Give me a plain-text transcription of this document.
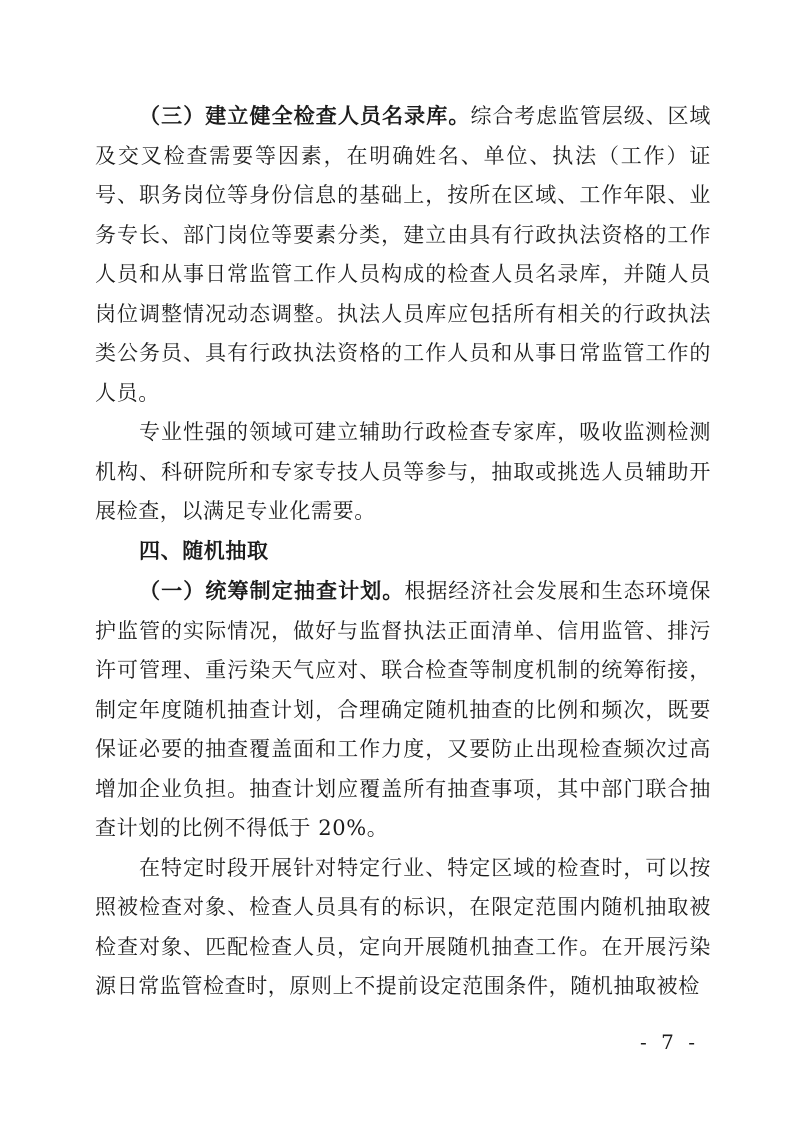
（三）建立健全检查人员名录库。综合考虑监管层级、区域及交叉检查需要等因素，在明确姓名、单位、执法（工作）证号、职务岗位等身份信息的基础上，按所在区域、工作年限、业务专长、部门岗位等要素分类，建立由具有行政执法资格的工作人员和从事日常监管工作人员构成的检查人员名录库，并随人员岗位调整情况动态调整。执法人员库应包括所有相关的行政执法类公务员、具有行政执法资格的工作人员和从事日常监管工作的人员。

专业性强的领域可建立辅助行政检查专家库，吸收监测检测机构、科研院所和专家专技人员等参与，抽取或挑选人员辅助开展检查，以满足专业化需要。

四、随机抽取

（一）统筹制定抽查计划。根据经济社会发展和生态环境保护监管的实际情况，做好与监督执法正面清单、信用监管、排污许可管理、重污染天气应对、联合检查等制度机制的统筹衔接，制定年度随机抽查计划，合理确定随机抽查的比例和频次，既要保证必要的抽查覆盖面和工作力度，又要防止出现检查频次过高增加企业负担。抽查计划应覆盖所有抽查事项，其中部门联合抽查计划的比例不得低于 20%。

在特定时段开展针对特定行业、特定区域的检查时，可以按照被检查对象、检查人员具有的标识，在限定范围内随机抽取被检查对象、匹配检查人员，定向开展随机抽查工作。在开展污染源日常监管检查时，原则上不提前设定范围条件，随机抽取被检

- 7 -
